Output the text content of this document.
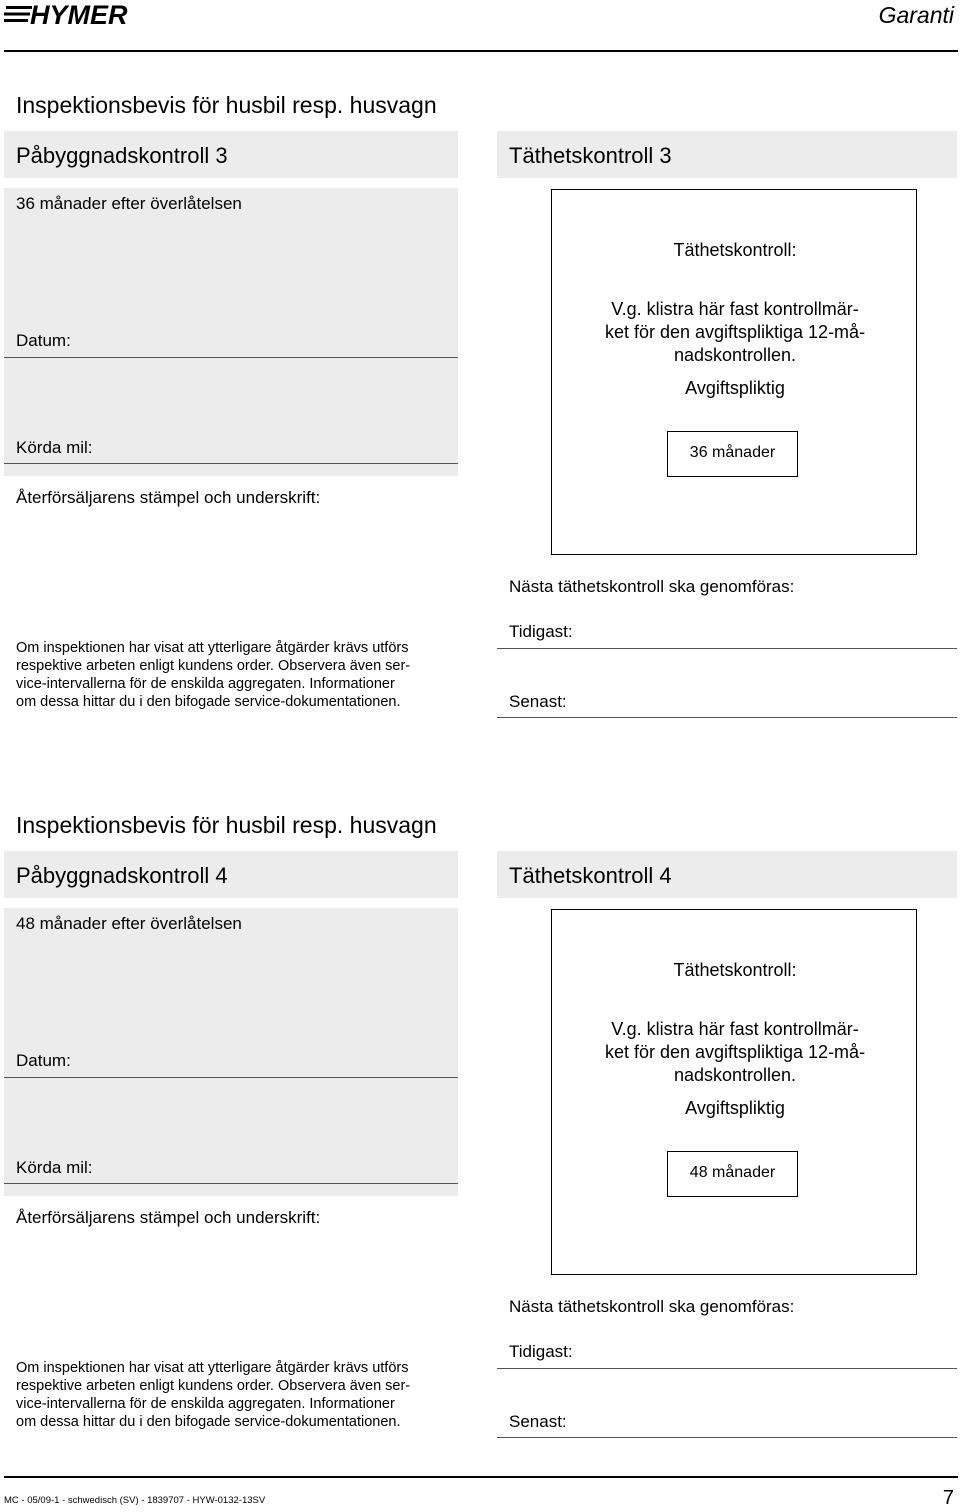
HYMER	Garanti
Inspektionsbevis för husbil resp. husvagn
Påbyggnadskontroll 3	Täthetskontroll 3
36 månader efter överlåtelsen
Datum:
Körda mil:
Återförsäljarens stämpel och underskrift:
Täthetskontroll:
V.g. klistra här fast kontrollmär-
ket för den avgiftspliktiga 12-må-
nadskontrollen.
Avgiftspliktig
36 månader
Nästa täthetskontroll ska genomföras:
Tidigast:
Senast:
Om inspektionen har visat att ytterligare åtgärder krävs utförs
respektive arbeten enligt kundens order. Observera även ser-
vice-intervallerna för de enskilda aggregaten. Informationer
om dessa hittar du i den bifogade service-dokumentationen.
Inspektionsbevis för husbil resp. husvagn
Påbyggnadskontroll 4	Täthetskontroll 4
48 månader efter överlåtelsen
Datum:
Körda mil:
Återförsäljarens stämpel och underskrift:
Täthetskontroll:
V.g. klistra här fast kontrollmär-
ket för den avgiftspliktiga 12-må-
nadskontrollen.
Avgiftspliktig
48 månader
Nästa täthetskontroll ska genomföras:
Tidigast:
Senast:
Om inspektionen har visat att ytterligare åtgärder krävs utförs
respektive arbeten enligt kundens order. Observera även ser-
vice-intervallerna för de enskilda aggregaten. Informationer
om dessa hittar du i den bifogade service-dokumentationen.
MC - 05/09-1 - schwedisch (SV) - 1839707 - HYW-0132-13SV	7
